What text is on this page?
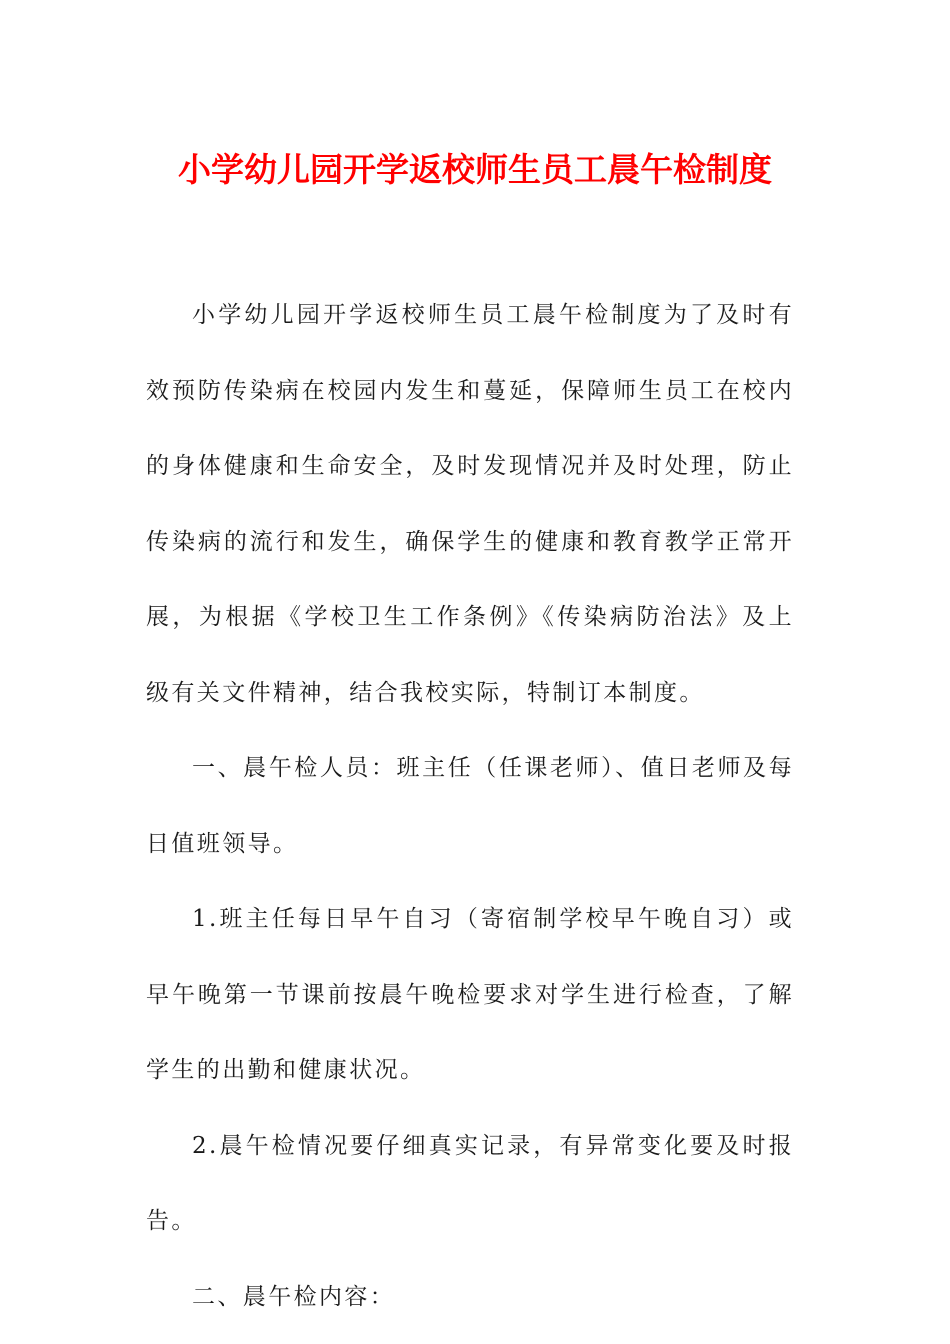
小学幼儿园开学返校师生员工晨午检制度

小学幼儿园开学返校师生员工晨午检制度为了及时有效预防传染病在校园内发生和蔓延，保障师生员工在校内的身体健康和生命安全，及时发现情况并及时处理，防止传染病的流行和发生，确保学生的健康和教育教学正常开展，为根据《学校卫生工作条例》《传染病防治法》及上级有关文件精神，结合我校实际，特制订本制度。

一、晨午检人员：班主任（任课老师）、值日老师及每日值班领导。

1.班主任每日早午自习（寄宿制学校早午晚自习）或早午晚第一节课前按晨午晚检要求对学生进行检查，了解学生的出勤和健康状况。

2.晨午检情况要仔细真实记录，有异常变化要及时报告。

二、晨午检内容：
